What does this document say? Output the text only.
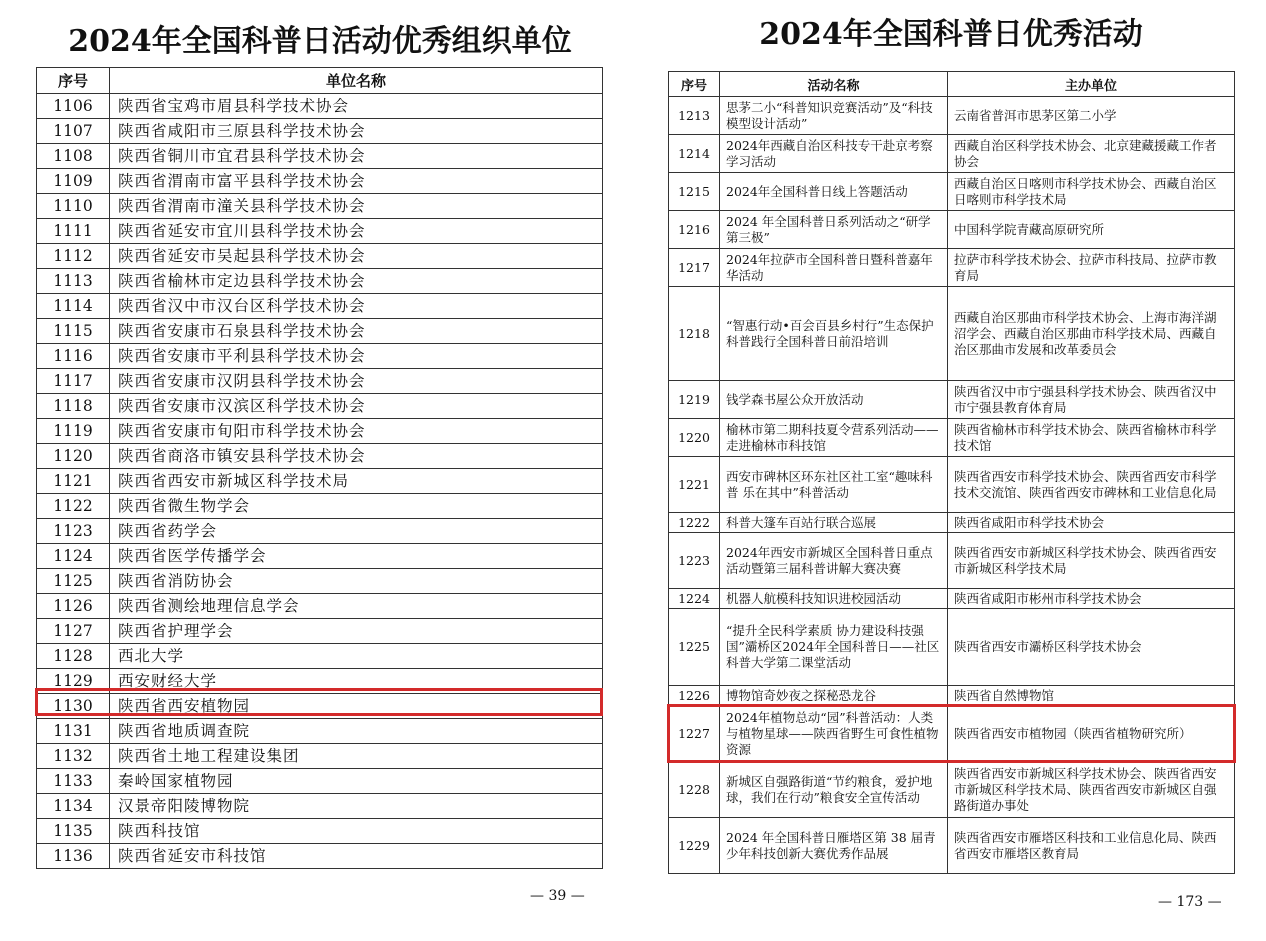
2024年全国科普日活动优秀组织单位
序号	单位名称
1106	陕西省宝鸡市眉县科学技术协会
1107	陕西省咸阳市三原县科学技术协会
1108	陕西省铜川市宜君县科学技术协会
1109	陕西省渭南市富平县科学技术协会
1110	陕西省渭南市潼关县科学技术协会
1111	陕西省延安市宜川县科学技术协会
1112	陕西省延安市吴起县科学技术协会
1113	陕西省榆林市定边县科学技术协会
1114	陕西省汉中市汉台区科学技术协会
1115	陕西省安康市石泉县科学技术协会
1116	陕西省安康市平利县科学技术协会
1117	陕西省安康市汉阴县科学技术协会
1118	陕西省安康市汉滨区科学技术协会
1119	陕西省安康市旬阳市科学技术协会
1120	陕西省商洛市镇安县科学技术协会
1121	陕西省西安市新城区科学技术局
1122	陕西省微生物学会
1123	陕西省药学会
1124	陕西省医学传播学会
1125	陕西省消防协会
1126	陕西省测绘地理信息学会
1127	陕西省护理学会
1128	西北大学
1129	西安财经大学
1130	陕西省西安植物园
1131	陕西省地质调查院
1132	陕西省土地工程建设集团
1133	秦岭国家植物园
1134	汉景帝阳陵博物院
1135	陕西科技馆
1136	陕西省延安市科技馆
— 39 —
2024年全国科普日优秀活动
序号	活动名称	主办单位
1213	思茅二小“科普知识竞赛活动”及“科技模型设计活动”	云南省普洱市思茅区第二小学
1214	2024年西藏自治区科技专干赴京考察学习活动	西藏自治区科学技术协会、北京建藏援藏工作者协会
1215	2024年全国科普日线上答题活动	西藏自治区日喀则市科学技术协会、西藏自治区日喀则市科学技术局
1216	2024 年全国科普日系列活动之“研学第三极”	中国科学院青藏高原研究所
1217	2024年拉萨市全国科普日暨科普嘉年华活动	拉萨市科学技术协会、拉萨市科技局、拉萨市教育局
1218	“智惠行动•百会百县乡村行”生态保护科普践行全国科普日前沿培训	西藏自治区那曲市科学技术协会、上海市海洋湖沼学会、西藏自治区那曲市科学技术局、西藏自治区那曲市发展和改革委员会
1219	钱学森书屋公众开放活动	陕西省汉中市宁强县科学技术协会、陕西省汉中市宁强县教育体育局
1220	榆林市第二期科技夏令营系列活动——走进榆林市科技馆	陕西省榆林市科学技术协会、陕西省榆林市科学技术馆
1221	西安市碑林区环东社区社工室“趣味科普 乐在其中”科普活动	陕西省西安市科学技术协会、陕西省西安市科学技术交流馆、陕西省西安市碑林和工业信息化局
1222	科普大篷车百站行联合巡展	陕西省咸阳市科学技术协会
1223	2024年西安市新城区全国科普日重点活动暨第三届科普讲解大赛决赛	陕西省西安市新城区科学技术协会、陕西省西安市新城区科学技术局
1224	机器人航模科技知识进校园活动	陕西省咸阳市彬州市科学技术协会
1225	“提升全民科学素质 协力建设科技强国”灞桥区2024年全国科普日——社区科普大学第二课堂活动	陕西省西安市灞桥区科学技术协会
1226	博物馆奇妙夜之探秘恐龙谷	陕西省自然博物馆
1227	2024年植物总动“园”科普活动：人类与植物星球——陕西省野生可食性植物资源	陕西省西安市植物园（陕西省植物研究所）
1228	新城区自强路街道“节约粮食，爱护地球，我们在行动”粮食安全宣传活动	陕西省西安市新城区科学技术协会、陕西省西安市新城区科学技术局、陕西省西安市新城区自强路街道办事处
1229	2024 年全国科普日雁塔区第 38 届青少年科技创新大赛优秀作品展	陕西省西安市雁塔区科技和工业信息化局、陕西省西安市雁塔区教育局
— 173 —
